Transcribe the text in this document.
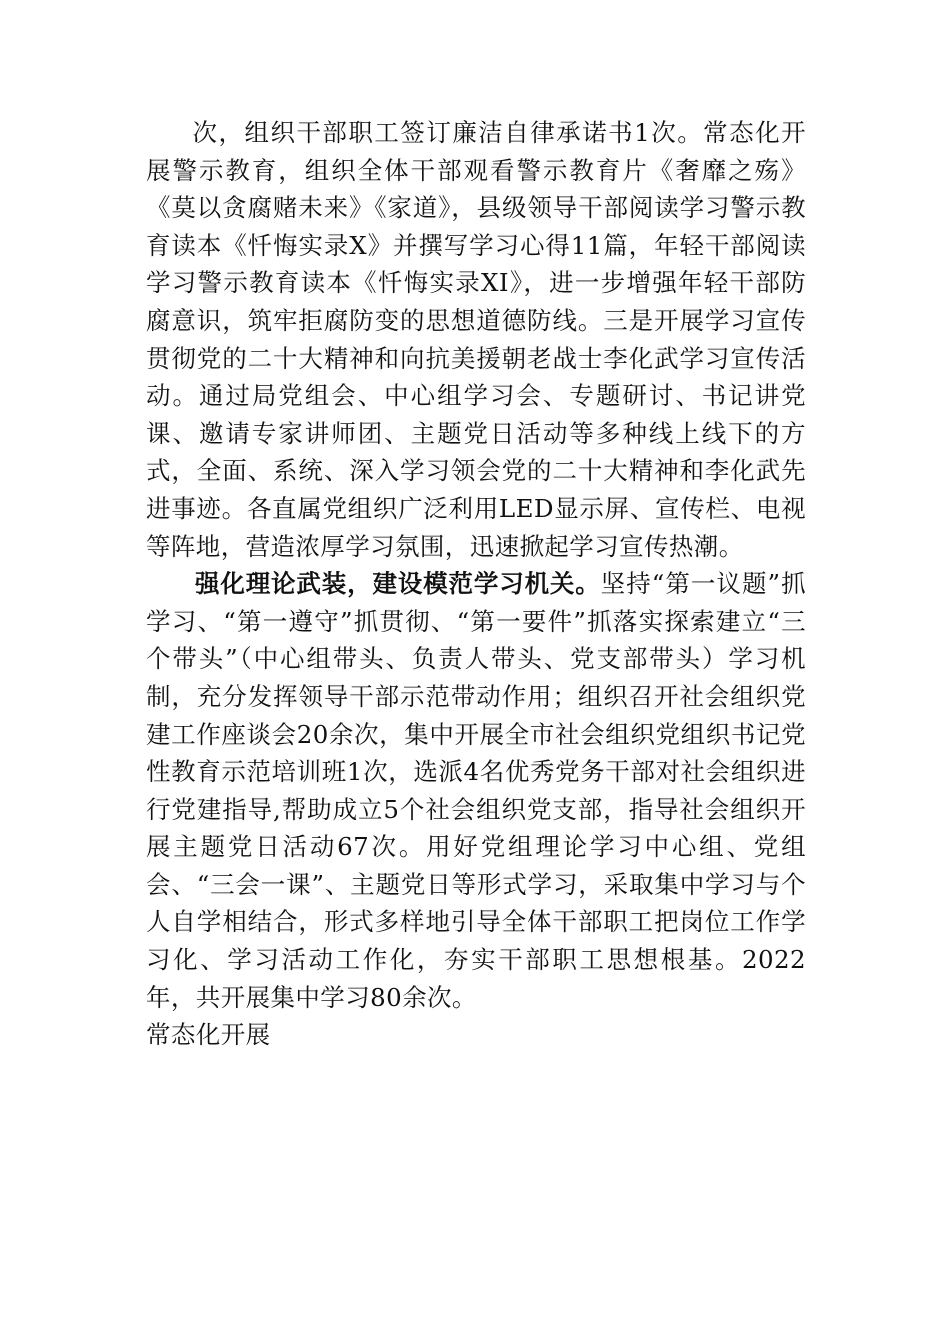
次，组织干部职工签订廉洁自律承诺书1次。常态化开展警示教育，组织全体干部观看警示教育片《奢靡之殇》《莫以贪腐赌未来》《家道》，县级领导干部阅读学习警示教育读本《忏悔实录X》并撰写学习心得11篇，年轻干部阅读学习警示教育读本《忏悔实录XI》，进一步增强年轻干部防腐意识，筑牢拒腐防变的思想道德防线。三是开展学习宣传贯彻党的二十大精神和向抗美援朝老战士李化武学习宣传活动。通过局党组会、中心组学习会、专题研讨、书记讲党课、邀请专家讲师团、主题党日活动等多种线上线下的方式，全面、系统、深入学习领会党的二十大精神和李化武先进事迹。各直属党组织广泛利用LED显示屏、宣传栏、电视等阵地，营造浓厚学习氛围，迅速掀起学习宣传热潮。

强化理论武装，建设模范学习机关。坚持“第一议题”抓学习、“第一遵守”抓贯彻、“第一要件”抓落实探索建立“三个带头”（中心组带头、负责人带头、党支部带头）学习机制，充分发挥领导干部示范带动作用；组织召开社会组织党建工作座谈会20余次，集中开展全市社会组织党组织书记党性教育示范培训班1次，选派4名优秀党务干部对社会组织进行党建指导,帮助成立5个社会组织党支部，指导社会组织开展主题党日活动67次。用好党组理论学习中心组、党组会、“三会一课”、主题党日等形式学习，采取集中学习与个人自学相结合，形式多样地引导全体干部职工把岗位工作学习化、学习活动工作化，夯实干部职工思想根基。2022年，共开展集中学习80余次。

常态化开展
